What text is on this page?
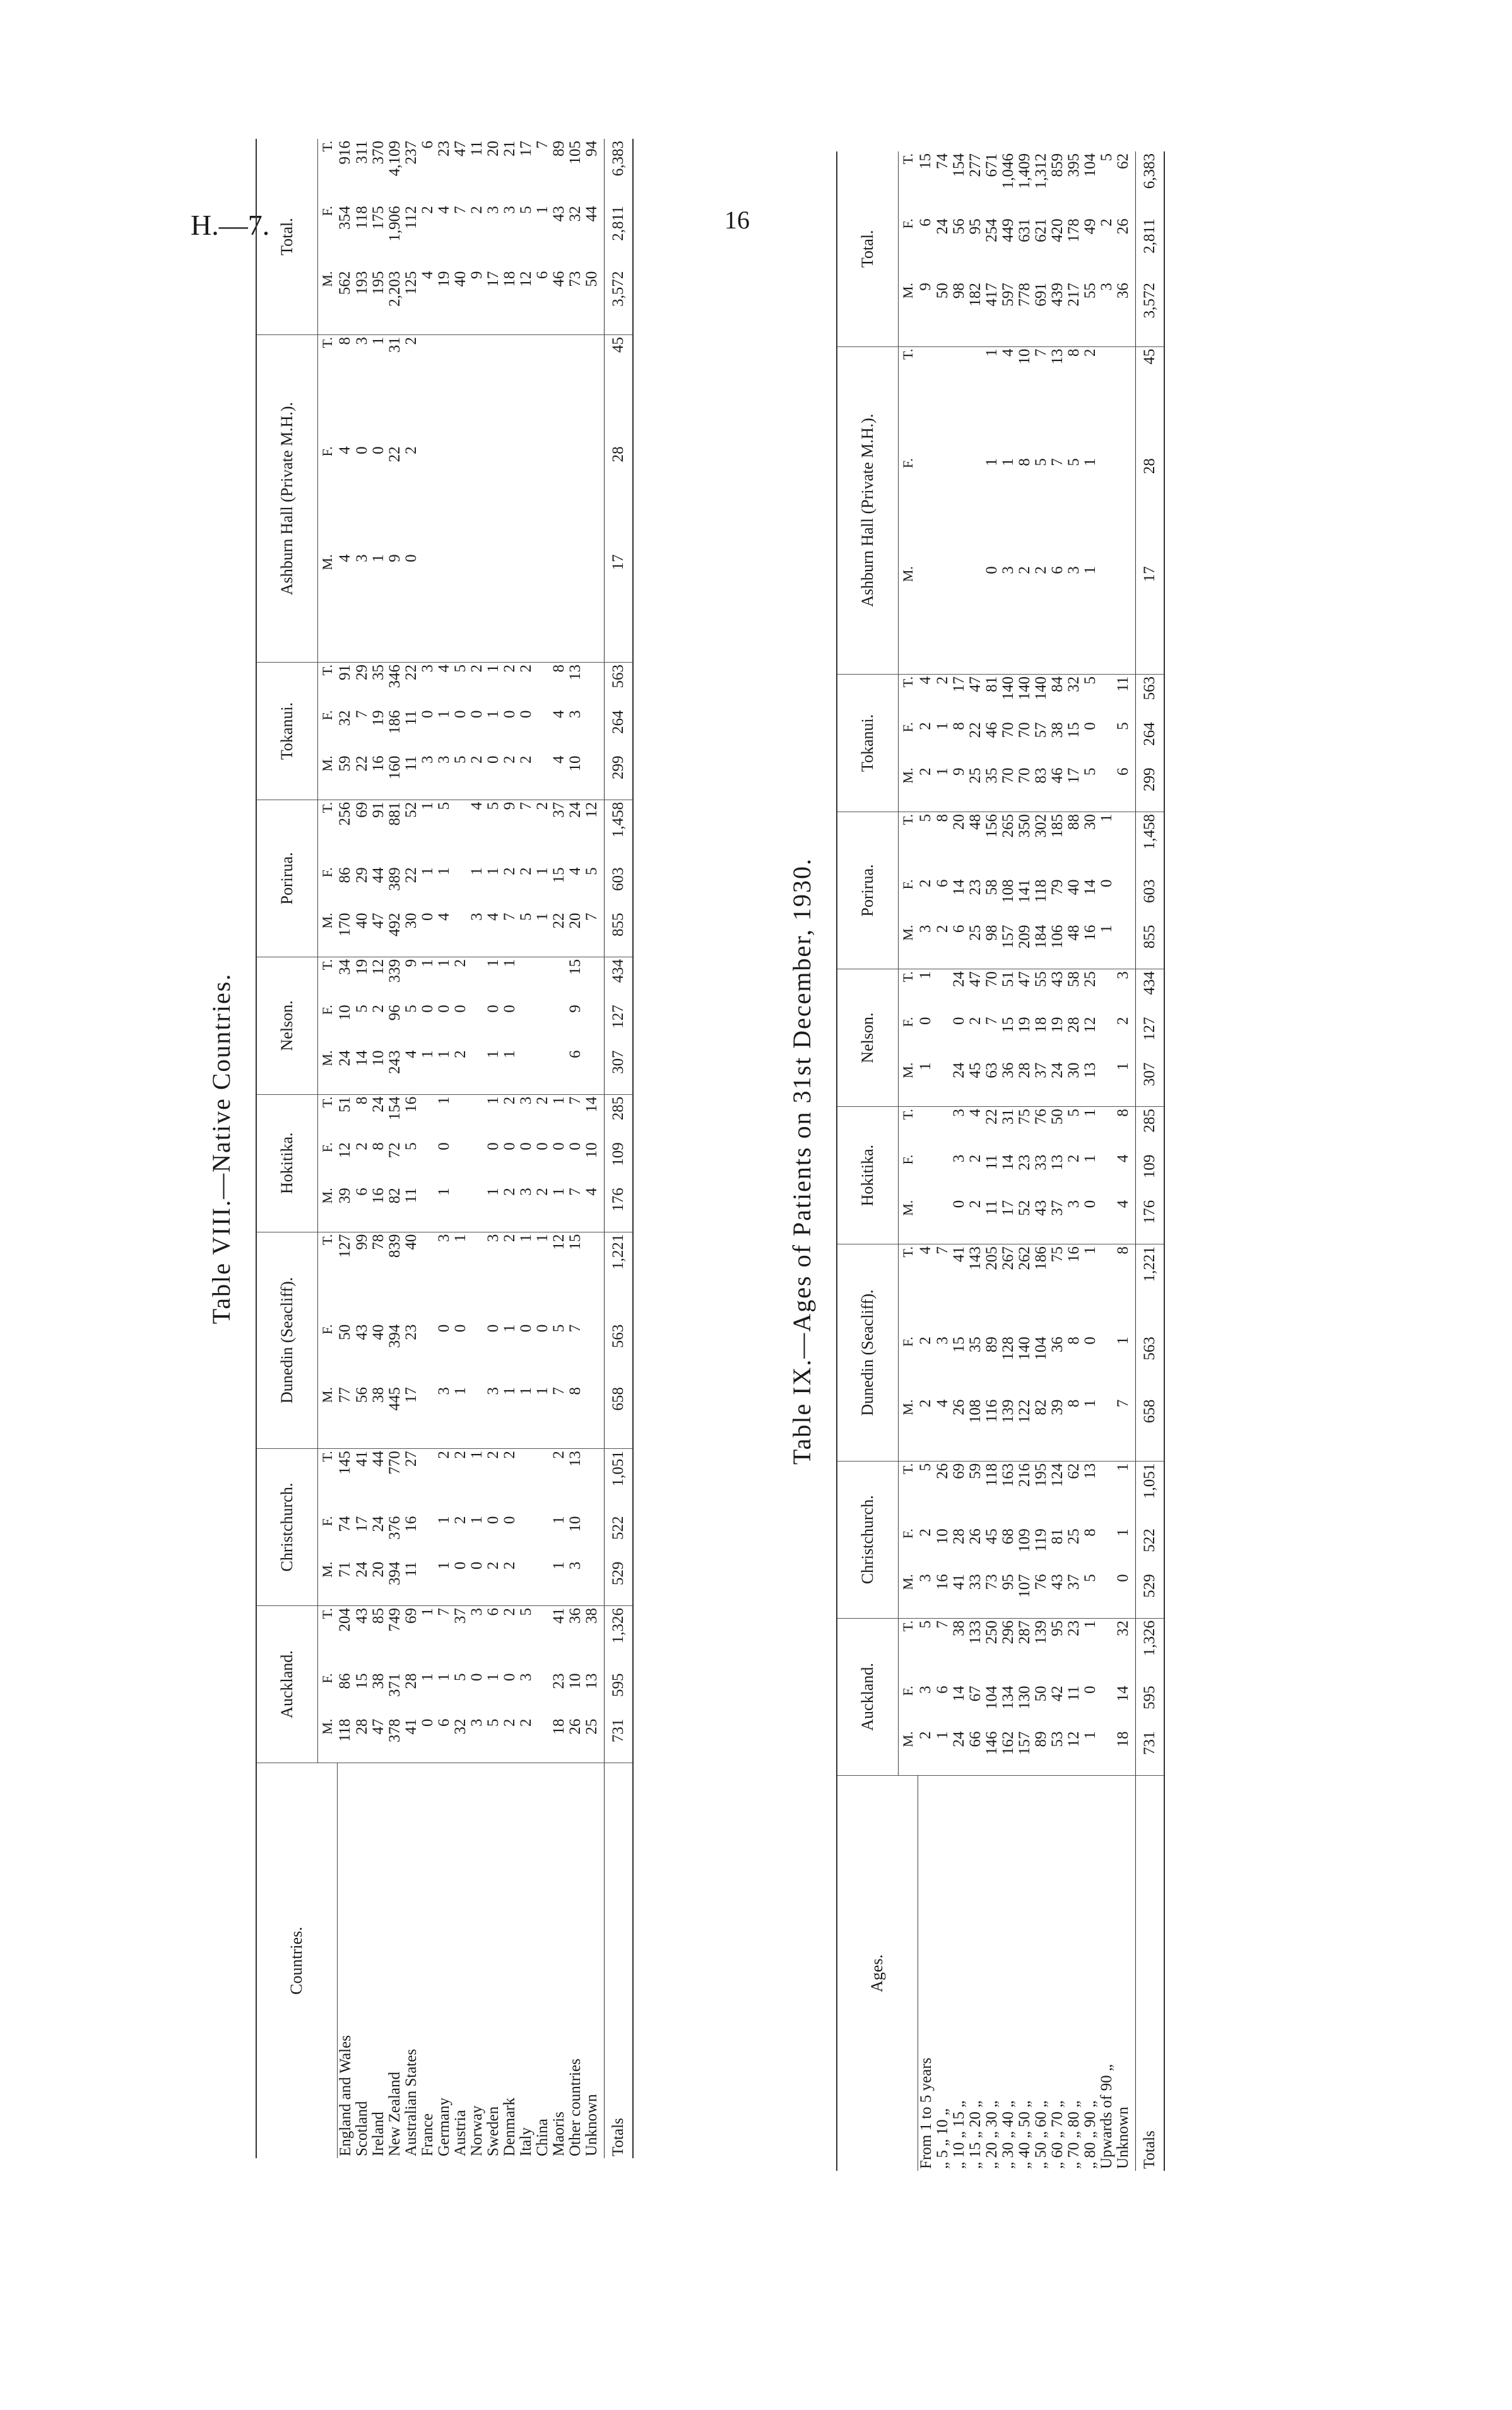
H.—7.	16
Table VIII.—Native Countries.
Countries.	Auckland.			Christchurch.			Dunedin (Seacliff).			Hokitika.			Nelson.			Porirua.			Tokanui.			Ashburn Hall (Private M.H.).			Total.		
	M.	F.	T.	M.	F.	T.	M.	F.	T.	M.	F.	T.	M.	F.	T.	M.	F.	T.	M.	F.	T.	M.	F.	T.	M.	F.	T.
England and Wales	118	86	204	71	74	145	77	50	127	39	12	51	24	10	34	170	86	256	59	32	91	4	4	8	562	354	916
Scotland	28	15	43	24	17	41	56	43	99	6	2	8	14	5	19	40	29	69	22	7	29	3	0	3	193	118	311
Ireland	47	38	85	20	24	44	38	40	78	16	8	24	10	2	12	47	44	91	16	19	35	1	0	1	195	175	370
New Zealand	378	371	749	394	376	770	445	394	839	82	72	154	243	96	339	492	389	881	160	186	346	9	22	31	2,203	1,906	4,109
Australian States	41	28	69	11	16	27	17	23	40	11	5	16	4	5	9	30	22	52	11	11	22	0	2	2	125	112	237
France	0	1	1										1	0	1	0	1	1	3	0	3				4	2	6
Germany	6	1	7	1	1	2	3	0	3	1	0	1	1	0	1	4	1	5	3	1	4				19	4	23
Austria	32	5	37	0	2	2	1	0	1				2	0	2				5	0	5				40	7	47
Norway	3	0	3	0	1	1										3	1	4	2	0	2				9	2	11
Sweden	5	1	6	2	0	2	3	0	3	1	0	1	1	0	1	4	1	5	0	1	1				17	3	20
Denmark	2	0	2	2	0	2	1	1	2	2	0	2	1	0	1	7	2	9	2	0	2				18	3	21
Italy	2	3	5				1	0	1	3	0	3				5	2	7	2	0	2				12	5	17
China							1	0	1	2	0	2				1	1	2							6	1	7
Maoris	18	23	41	1	1	2	7	5	12	1	0	1				22	15	37	4	4	8				46	43	89
Other countries	26	10	36	3	10	13	8	7	15	7	0	7	6	9	15	20	4	24	10	3	13				73	32	105
Unknown	25	13	38							4	10	14				7	5	12							50	44	94
Totals	731	595	1,326	529	522	1,051	658	563	1,221	176	109	285	307	127	434	855	603	1,458	299	264	563	17	28	45	3,572	2,811	6,383
Table IX.—Ages of Patients on 31st December, 1930.
Ages.	Auckland.			Christchurch.			Dunedin (Seacliff).			Hokitika.			Nelson.			Porirua.			Tokanui.			Ashburn Hall (Private M.H.).			Total.		
	M.	F.	T.	M.	F.	T.	M.	F.	T.	M.	F.	T.	M.	F.	T.	M.	F.	T.	M.	F.	T.	M.	F.	T.	M.	F.	T.
From 1 to 5 years	2	3	5	3	2	5	2	2	4				1	0	1	3	2	5	2	2	4				9	6	15
„ 5 „ 10 „	1	6	7	16	10	26	4	3	7							2	6	8	1	1	2				50	24	74
„ 10 „ 15 „	24	14	38	41	28	69	26	15	41	0	3	3	24	0	24	6	14	20	9	8	17				98	56	154
„ 15 „ 20 „	66	67	133	33	26	59	108	35	143	2	2	4	45	2	47	25	23	48	25	22	47				182	95	277
„ 20 „ 30 „	146	104	250	73	45	118	116	89	205	11	11	22	63	7	70	98	58	156	35	46	81	0	1	1	417	254	671
„ 30 „ 40 „	162	134	296	95	68	163	139	128	267	17	14	31	36	15	51	157	108	265	70	70	140	3	1	4	597	449	1,046
„ 40 „ 50 „	157	130	287	107	109	216	122	140	262	52	23	75	28	19	47	209	141	350	70	70	140	2	8	10	778	631	1,409
„ 50 „ 60 „	89	50	139	76	119	195	82	104	186	43	33	76	37	18	55	184	118	302	83	57	140	2	5	7	691	621	1,312
„ 60 „ 70 „	53	42	95	43	81	124	39	36	75	37	13	50	24	19	43	106	79	185	46	38	84	6	7	13	439	420	859
„ 70 „ 80 „	12	11	23	37	25	62	8	8	16	3	2	5	30	28	58	48	40	88	17	15	32	3	5	8	217	178	395
„ 80 „ 90 „	1	0	1	5	8	13	1	0	1	0	1	1	13	12	25	16	14	30	5	0	5	1	1	2	55	49	104
Upwards of 90 „																1	0	1							3	2	5
Unknown	18	14	32	0	1	1	7	1	8	4	4	8	1	2	3				6	5	11				36	26	62
Totals	731	595	1,326	529	522	1,051	658	563	1,221	176	109	285	307	127	434	855	603	1,458	299	264	563	17	28	45	3,572	2,811	6,383
